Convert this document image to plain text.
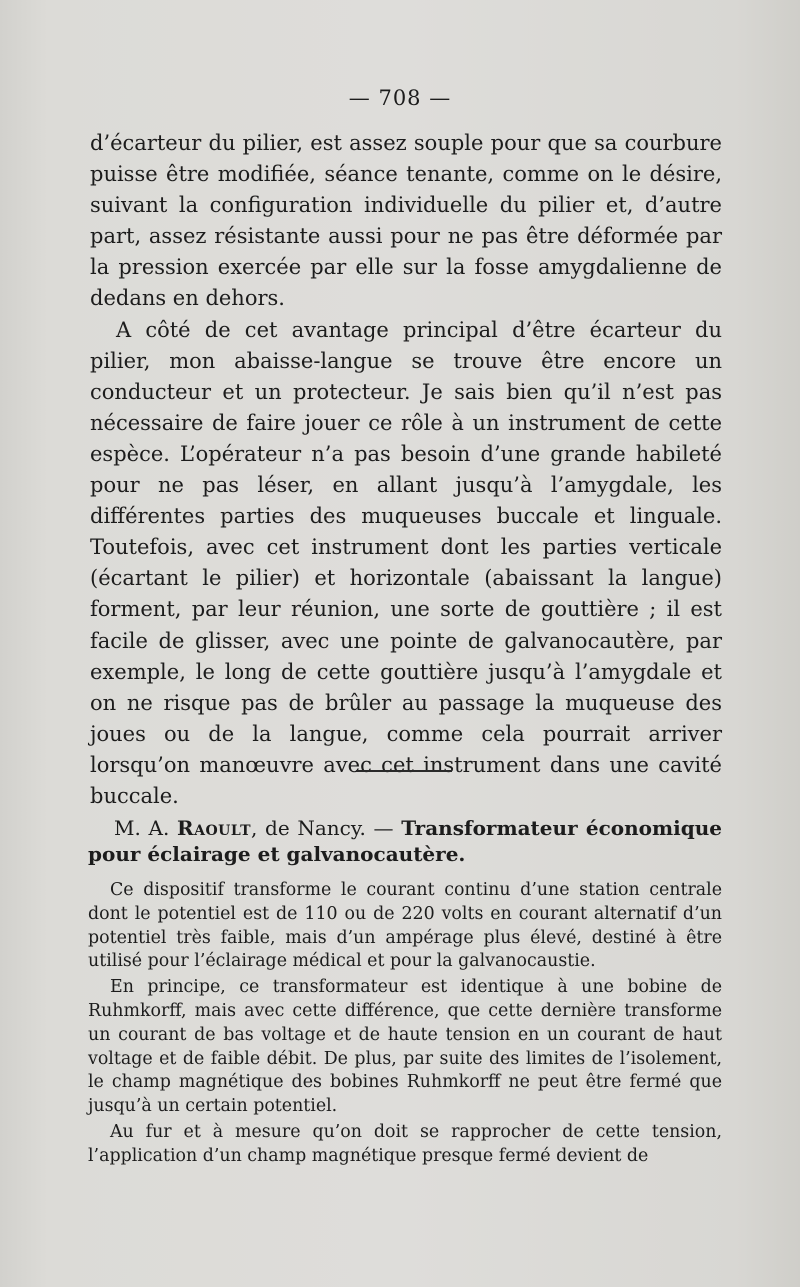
— 708 —

d’écarteur du pilier, est assez souple pour que sa courbure puisse être modifiée, séance tenante, comme on le désire, suivant la configuration individuelle du pilier et, d’autre part, assez résistante aussi pour ne pas être déformée par la pression exercée par elle sur la fosse amygdalienne de dedans en dehors.

A côté de cet avantage principal d’être écarteur du pilier, mon abaisse-langue se trouve être encore un conducteur et un protecteur. Je sais bien qu’il n’est pas nécessaire de faire jouer ce rôle à un instrument de cette espèce. L’opérateur n’a pas besoin d’une grande habileté pour ne pas léser, en allant jusqu’à l’amygdale, les différentes parties des muqueuses buccale et linguale. Toutefois, avec cet instrument dont les parties verticale (écartant le pilier) et horizontale (abaissant la langue) forment, par leur réunion, une sorte de gouttière ; il est facile de glisser, avec une pointe de galvanocautère, par exemple, le long de cette gouttière jusqu’à l’amygdale et on ne risque pas de brûler au passage la muqueuse des joues ou de la langue, comme cela pourrait arriver lorsqu’on manœuvre avec cet instrument dans une cavité buccale.

M. A. Raoult, de Nancy. — Transformateur économique pour éclairage et galvanocautère.

Ce dispositif transforme le courant continu d’une station centrale dont le potentiel est de 110 ou de 220 volts en courant alternatif d’un potentiel très faible, mais d’un ampérage plus élevé, destiné à être utilisé pour l’éclairage médical et pour la galvanocaustie.

En principe, ce transformateur est identique à une bobine de Ruhmkorff, mais avec cette différence, que cette dernière transforme un courant de bas voltage et de haute tension en un courant de haut voltage et de faible débit. De plus, par suite des limites de l’isolement, le champ magnétique des bobines Ruhmkorff ne peut être fermé que jusqu’à un certain potentiel.

Au fur et à mesure qu’on doit se rapprocher de cette tension, l’application d’un champ magnétique presque fermé devient de
